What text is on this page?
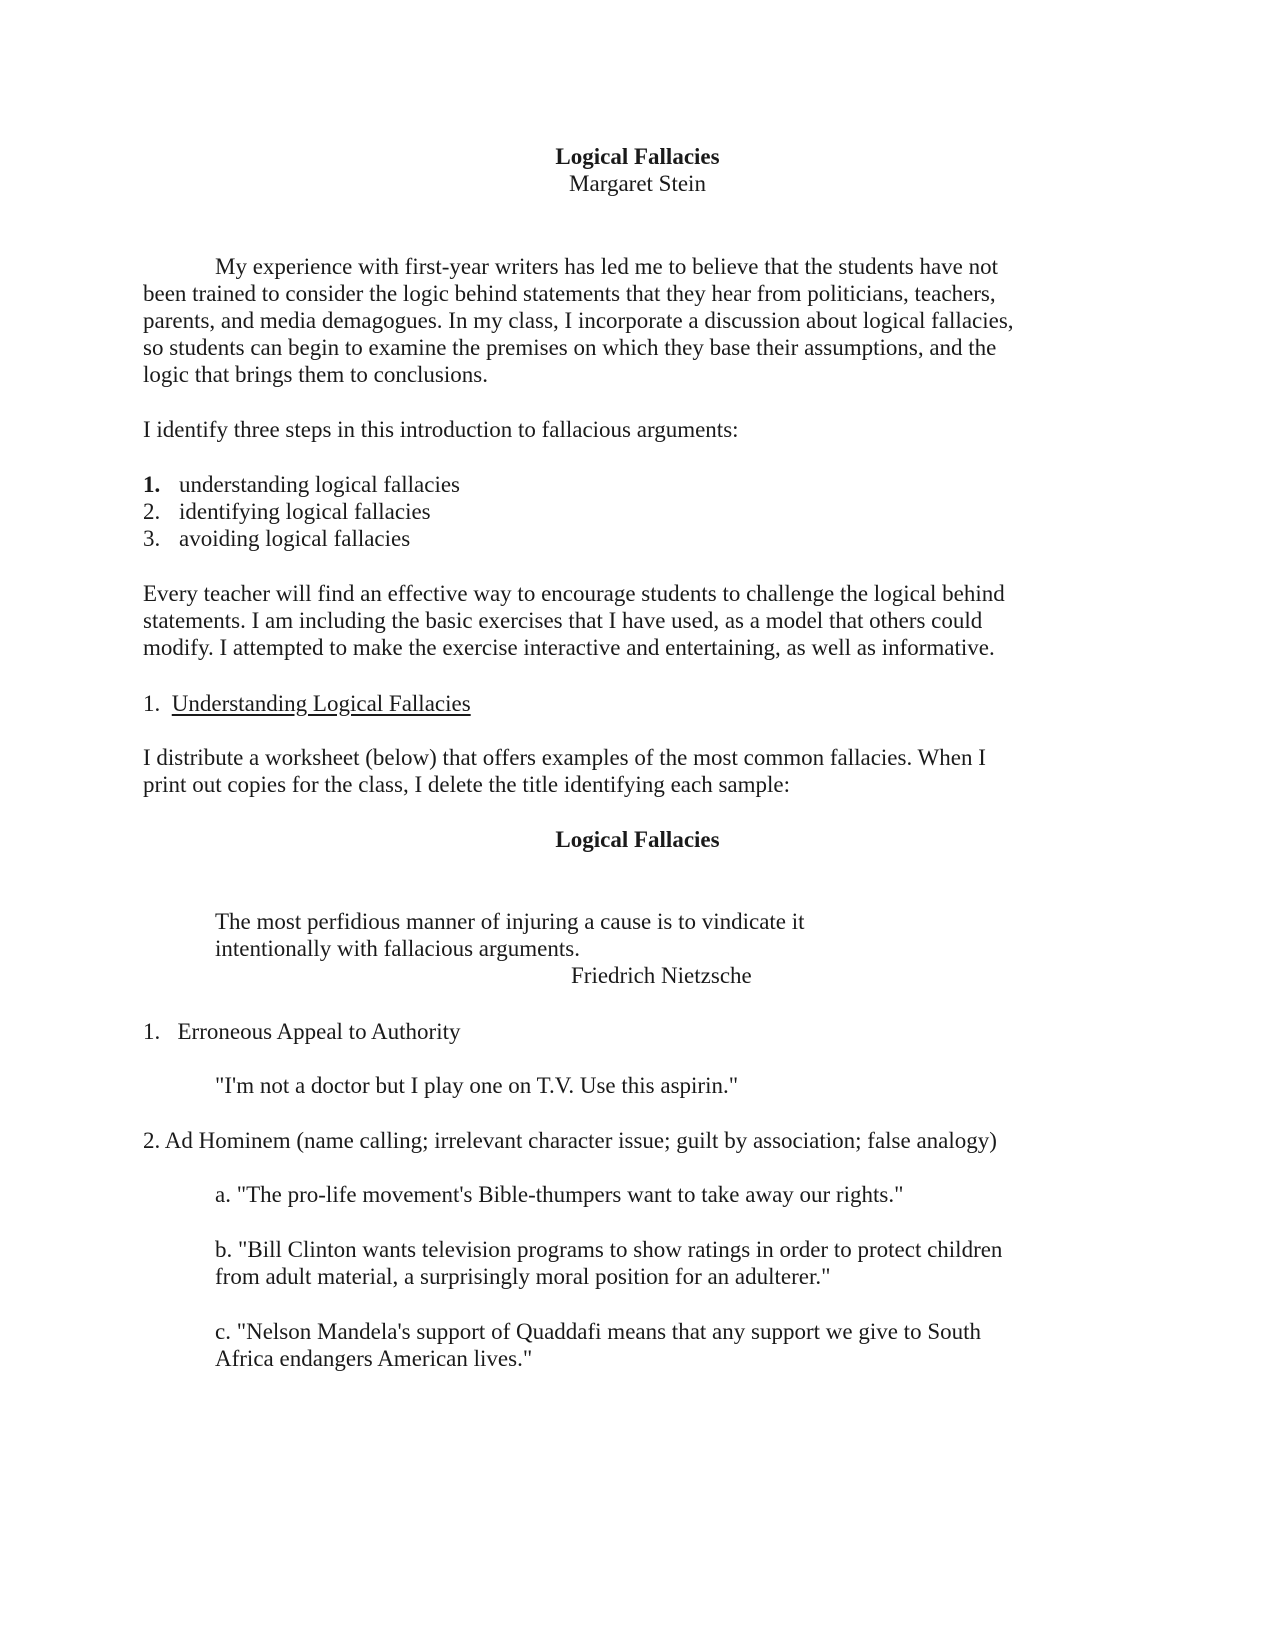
Logical Fallacies
Margaret Stein
My experience with first-year writers has led me to believe that the students have not
been trained to consider the logic behind statements that they hear from politicians, teachers,
parents, and media demagogues. In my class, I incorporate a discussion about logical fallacies,
so students can begin to examine the premises on which they base their assumptions, and the
logic that brings them to conclusions.
I identify three steps in this introduction to fallacious arguments:
1. understanding logical fallacies
2. identifying logical fallacies
3. avoiding logical fallacies
Every teacher will find an effective way to encourage students to challenge the logical behind
statements. I am including the basic exercises that I have used, as a model that others could
modify. I attempted to make the exercise interactive and entertaining, as well as informative.
1. Understanding Logical Fallacies
I distribute a worksheet (below) that offers examples of the most common fallacies. When I
print out copies for the class, I delete the title identifying each sample:
Logical Fallacies
The most perfidious manner of injuring a cause is to vindicate it
intentionally with fallacious arguments.
Friedrich Nietzsche
1.   Erroneous Appeal to Authority
"I'm not a doctor but I play one on T.V. Use this aspirin."
2. Ad Hominem (name calling; irrelevant character issue; guilt by association; false analogy)
a. "The pro-life movement's Bible-thumpers want to take away our rights."
b. "Bill Clinton wants television programs to show ratings in order to protect children
from adult material, a surprisingly moral position for an adulterer."
c. "Nelson Mandela's support of Quaddafi means that any support we give to South
Africa endangers American lives."
